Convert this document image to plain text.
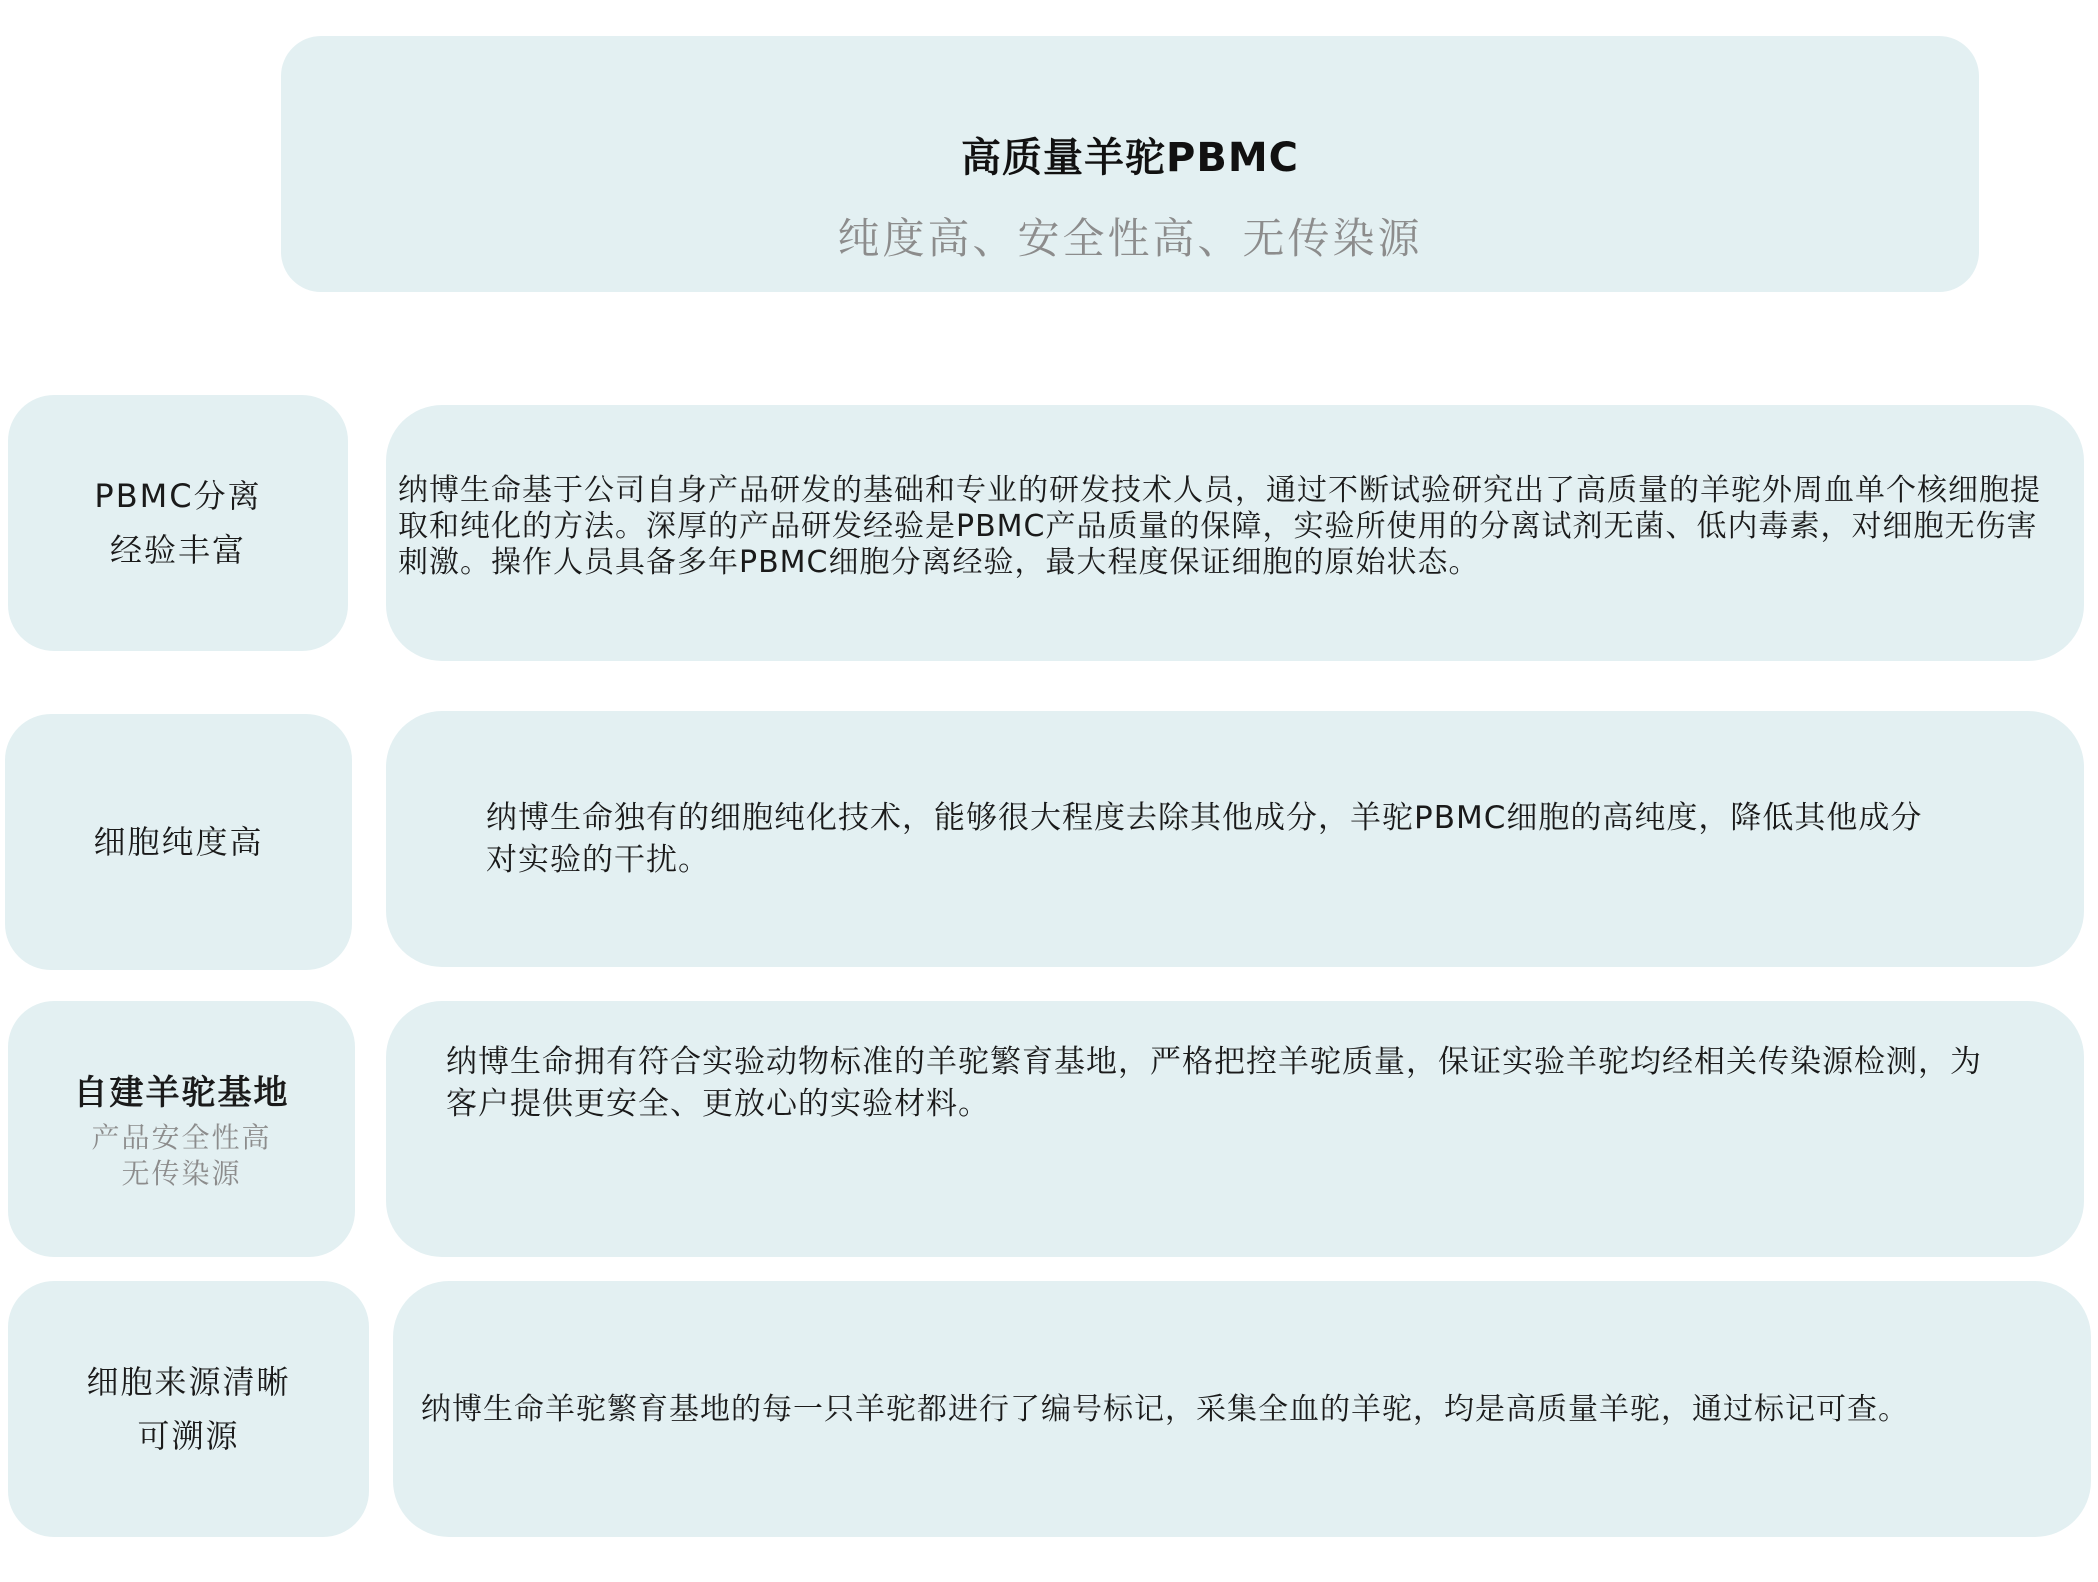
高质量羊驼PBMC
纯度高、安全性高、无传染源
PBMC分离
经验丰富
纳博生命基于公司自身产品研发的基础和专业的研发技术人员，通过不断试验研究出了高质量的羊驼外周血单个核细胞提取和纯化的方法。深厚的产品研发经验是PBMC产品质量的保障，实验所使用的分离试剂无菌、低内毒素，对细胞无伤害刺激。操作人员具备多年PBMC细胞分离经验，最大程度保证细胞的原始状态。
细胞纯度高
纳博生命独有的细胞纯化技术，能够很大程度去除其他成分，羊驼PBMC细胞的高纯度，降低其他成分对实验的干扰。
自建羊驼基地
产品安全性高
无传染源
纳博生命拥有符合实验动物标准的羊驼繁育基地，严格把控羊驼质量，保证实验羊驼均经相关传染源检测，为客户提供更安全、更放心的实验材料。
细胞来源清晰
可溯源
纳博生命羊驼繁育基地的每一只羊驼都进行了编号标记，采集全血的羊驼，均是高质量羊驼，通过标记可查。
